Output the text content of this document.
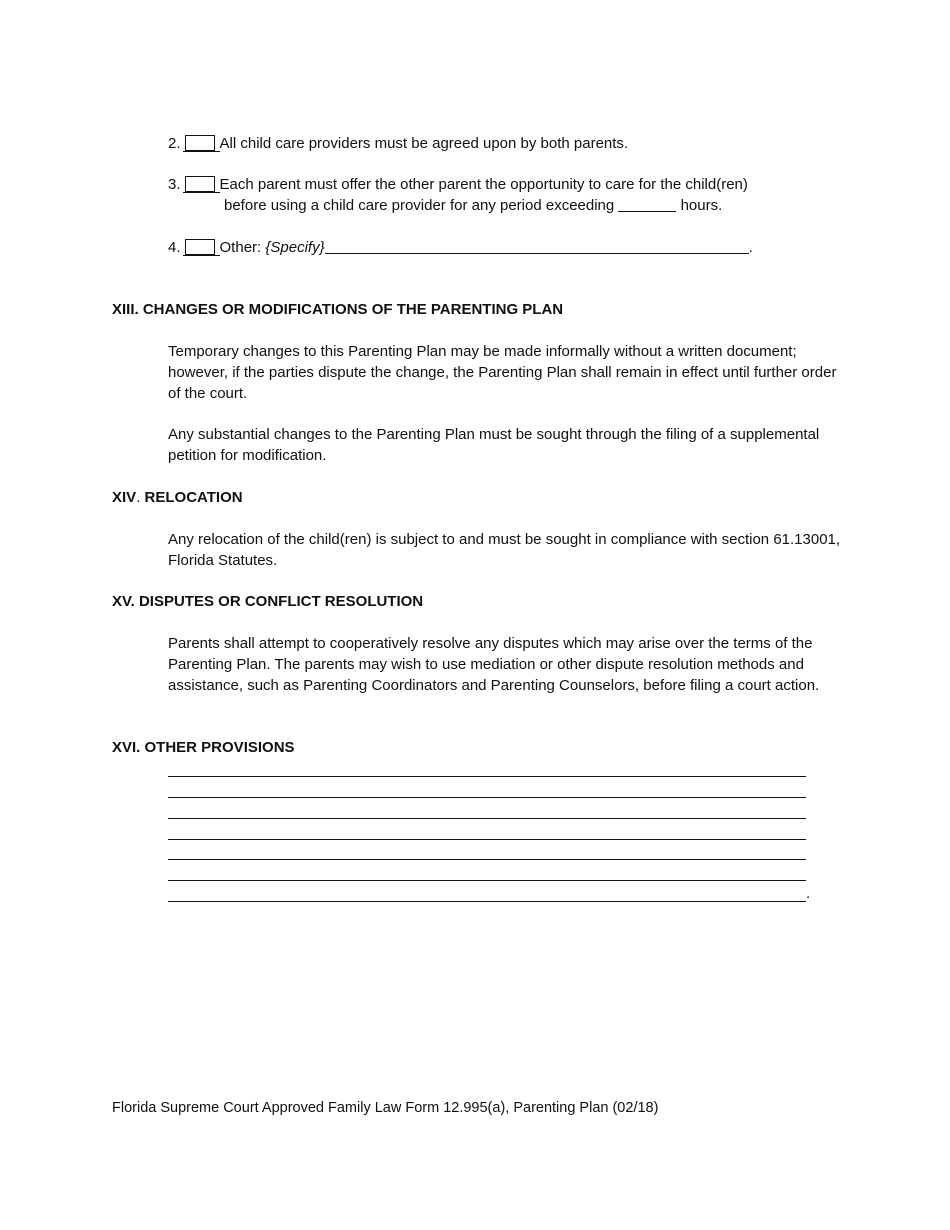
2.	All child care providers must be agreed upon by both parents.
3.	Each parent must offer the other parent the opportunity to care for the child(ren)
before using a child care provider for any period exceeding	hours.
4.	Other: {Specify}	.
XIII. CHANGES OR MODIFICATIONS OF THE PARENTING PLAN
Temporary changes to this Parenting Plan may be made informally without a written document; however, if the parties dispute the change, the Parenting Plan shall remain in effect until further order of the court.
Any substantial changes to the Parenting Plan must be sought through the filing of a supplemental petition for modification.
XIV. RELOCATION
Any relocation of the child(ren) is subject to and must be sought in compliance with section 61.13001, Florida Statutes.
XV. DISPUTES OR CONFLICT RESOLUTION
Parents shall attempt to cooperatively resolve any disputes which may arise over the terms of the Parenting Plan. The parents may wish to use mediation or other dispute resolution methods and assistance, such as Parenting Coordinators and Parenting Counselors, before filing a court action.
XVI. OTHER PROVISIONS
.
Florida Supreme Court Approved Family Law Form 12.995(a), Parenting Plan (02/18)
